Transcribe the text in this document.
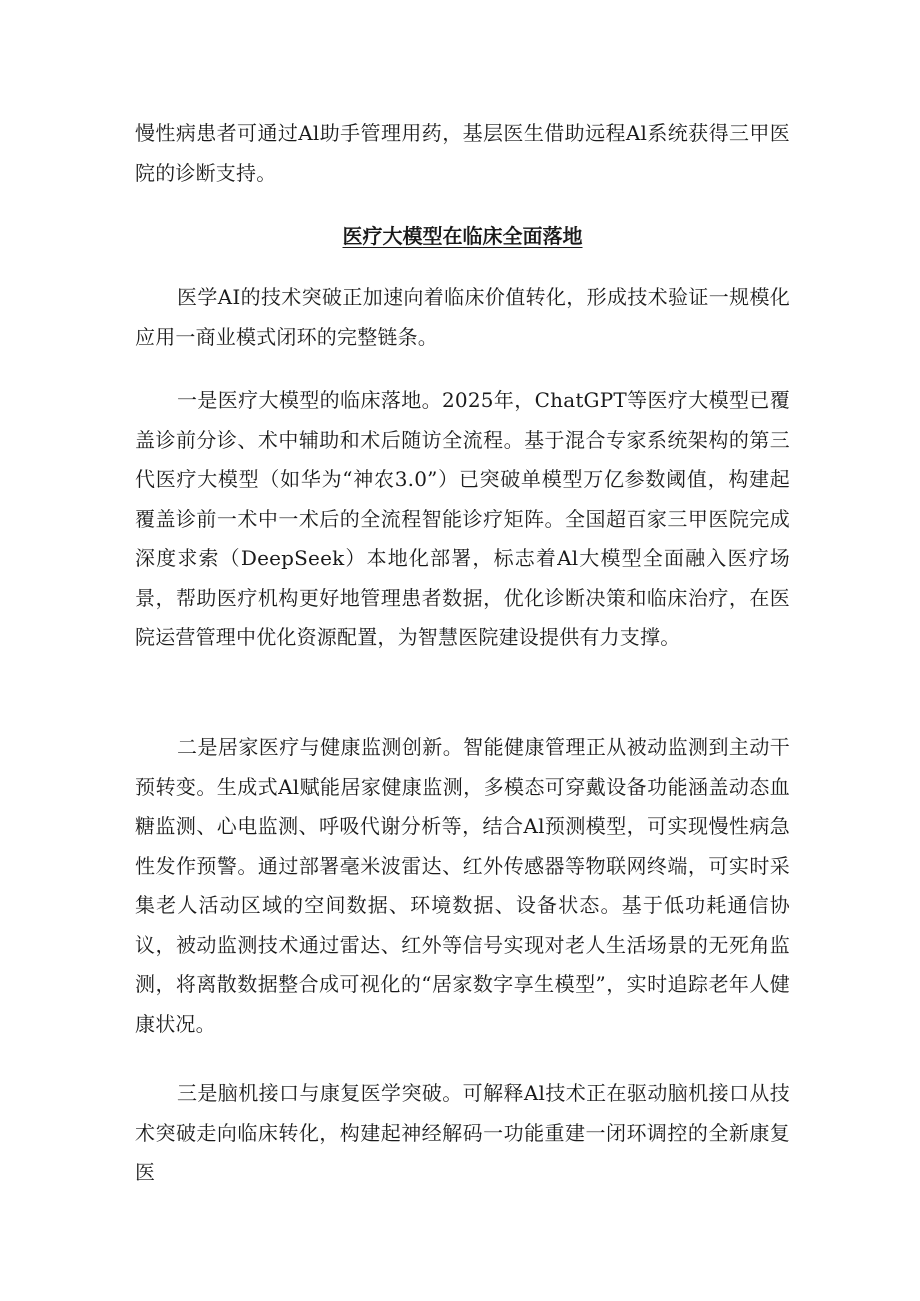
慢性病患者可通过Al助手管理用药，基层医生借助远程Al系统获得三甲医院的诊断支持。

医疗大模型在临床全面落地

医学AI的技术突破正加速向着临床价值转化，形成技术验证一规模化应用一商业模式闭环的完整链条。

一是医疗大模型的临床落地。2025年，ChatGPT等医疗大模型已覆盖诊前分诊、术中辅助和术后随访全流程。基于混合专家系统架构的第三代医疗大模型（如华为“神农3.0”）已突破单模型万亿参数阈值，构建起覆盖诊前一术中一术后的全流程智能诊疗矩阵。全国超百家三甲医院完成深度求索（DeepSeek）本地化部署，标志着Al大模型全面融入医疗场景，帮助医疗机构更好地管理患者数据，优化诊断决策和临床治疗，在医院运营管理中优化资源配置，为智慧医院建设提供有力支撑。

二是居家医疗与健康监测创新。智能健康管理正从被动监测到主动干预转变。生成式Al赋能居家健康监测，多模态可穿戴设备功能涵盖动态血糖监测、心电监测、呼吸代谢分析等，结合Al预测模型，可实现慢性病急性发作预警。通过部署毫米波雷达、红外传感器等物联网终端，可实时采集老人活动区域的空间数据、环境数据、设备状态。基于低功耗通信协议，被动监测技术通过雷达、红外等信号实现对老人生活场景的无死角监测，将离散数据整合成可视化的“居家数字享生模型”，实时追踪老年人健康状况。

三是脑机接口与康复医学突破。可解释Al技术正在驱动脑机接口从技术突破走向临床转化，构建起神经解码一功能重建一闭环调控的全新康复医
